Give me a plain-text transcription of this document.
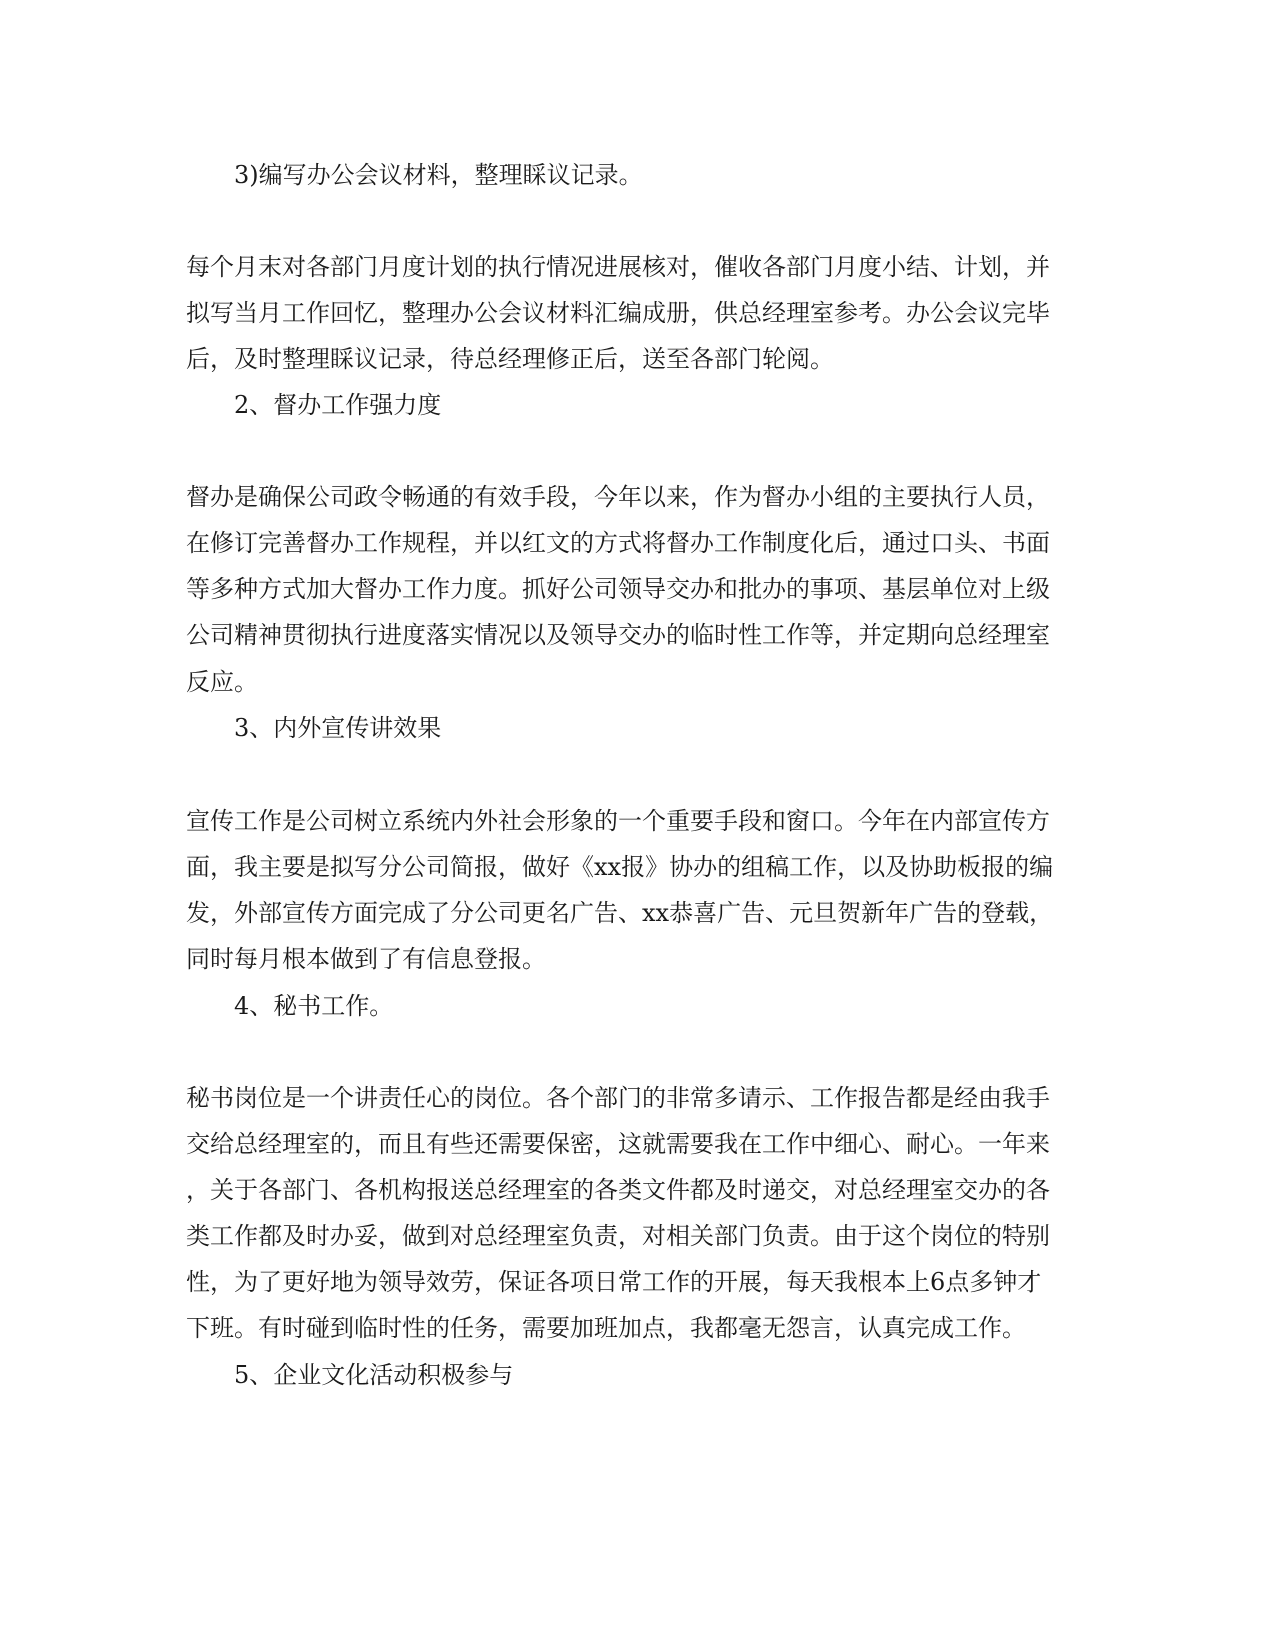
3)编写办公会议材料，整理睬议记录。
每个月末对各部门月度计划的执行情况进展核对，催收各部门月度小结、计划，并
拟写当月工作回忆，整理办公会议材料汇编成册，供总经理室参考。办公会议完毕
后，及时整理睬议记录，待总经理修正后，送至各部门轮阅。
2、督办工作强力度
督办是确保公司政令畅通的有效手段，今年以来，作为督办小组的主要执行人员，
在修订完善督办工作规程，并以红文的方式将督办工作制度化后，通过口头、书面
等多种方式加大督办工作力度。抓好公司领导交办和批办的事项、基层单位对上级
公司精神贯彻执行进度落实情况以及领导交办的临时性工作等，并定期向总经理室
反应。
3、内外宣传讲效果
宣传工作是公司树立系统内外社会形象的一个重要手段和窗口。今年在内部宣传方
面，我主要是拟写分公司简报，做好《xx报》协办的组稿工作，以及协助板报的编
发，外部宣传方面完成了分公司更名广告、xx恭喜广告、元旦贺新年广告的登载，
同时每月根本做到了有信息登报。
4、秘书工作。
秘书岗位是一个讲责任心的岗位。各个部门的非常多请示、工作报告都是经由我手
交给总经理室的，而且有些还需要保密，这就需要我在工作中细心、耐心。一年来
，关于各部门、各机构报送总经理室的各类文件都及时递交，对总经理室交办的各
类工作都及时办妥，做到对总经理室负责，对相关部门负责。由于这个岗位的特别
性，为了更好地为领导效劳，保证各项日常工作的开展，每天我根本上6点多钟才
下班。有时碰到临时性的任务，需要加班加点，我都毫无怨言，认真完成工作。
5、企业文化活动积极参与
